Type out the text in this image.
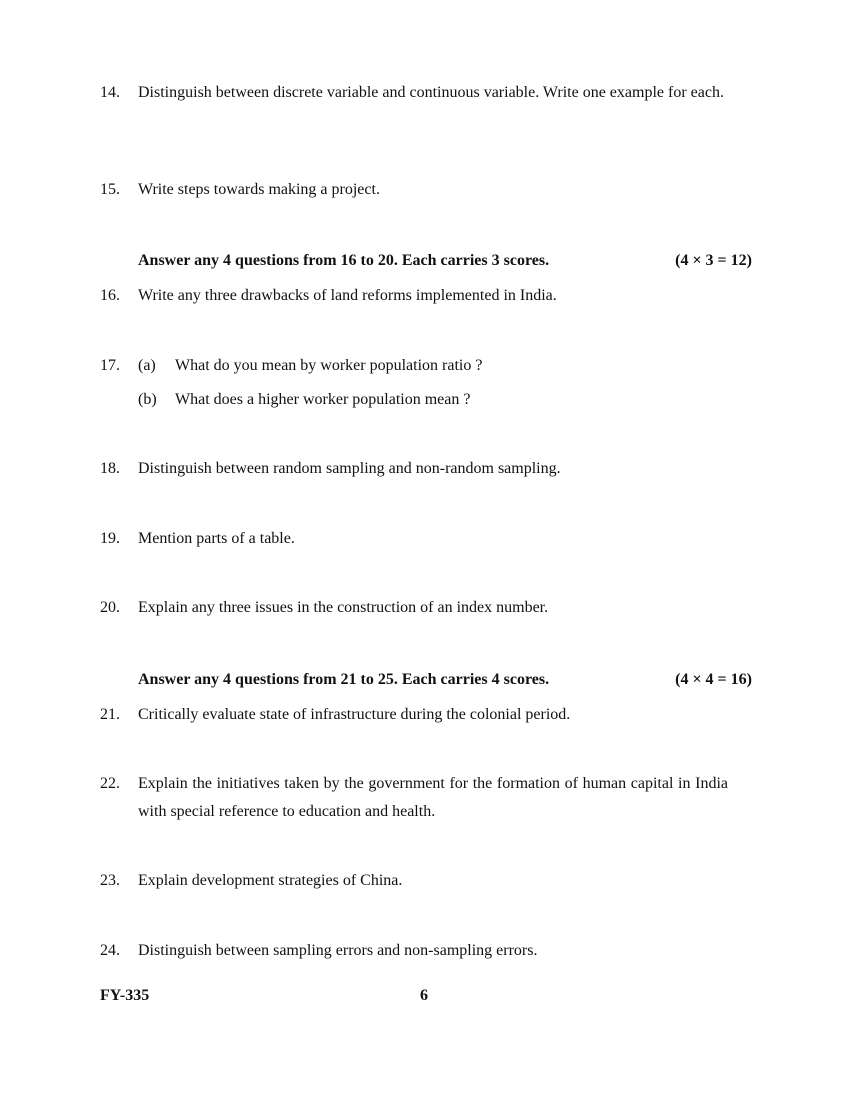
14.	Distinguish between discrete variable and continuous variable. Write one example for each.
15.	Write steps towards making a project.
Answer any 4 questions from 16 to 20. Each carries 3 scores.	(4 × 3 = 12)
16.	Write any three drawbacks of land reforms implemented in India.
17.	(a) What do you mean by worker population ratio ?
(b) What does a higher worker population mean ?
18.	Distinguish between random sampling and non-random sampling.
19.	Mention parts of a table.
20.	Explain any three issues in the construction of an index number.
Answer any 4 questions from 21 to 25. Each carries 4 scores.	(4 × 4 = 16)
21.	Critically evaluate state of infrastructure during the colonial period.
22.	Explain the initiatives taken by the government for the formation of human capital in India with special reference to education and health.
23.	Explain development strategies of China.
24.	Distinguish between sampling errors and non-sampling errors.
FY-335	6
